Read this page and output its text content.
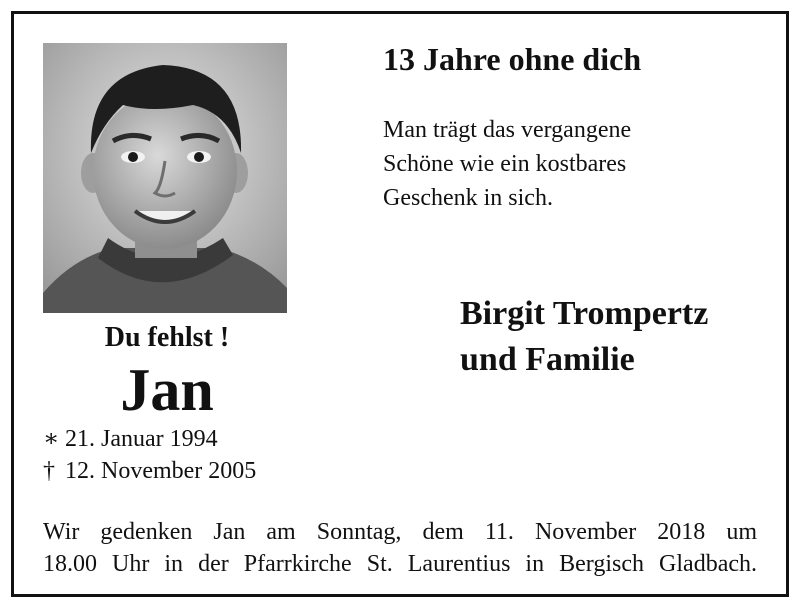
Du fehlst !
Jan
∗ 21. Januar 1994
† 12. November 2005
13 Jahre ohne dich
Man trägt das vergangene
Schöne wie ein kostbares
Geschenk in sich.
Birgit Trompertz
und Familie
Wir gedenken Jan am Sonntag, dem 11. November 2018 um
18.00 Uhr in der Pfarrkirche St. Laurentius in Bergisch Gladbach.
